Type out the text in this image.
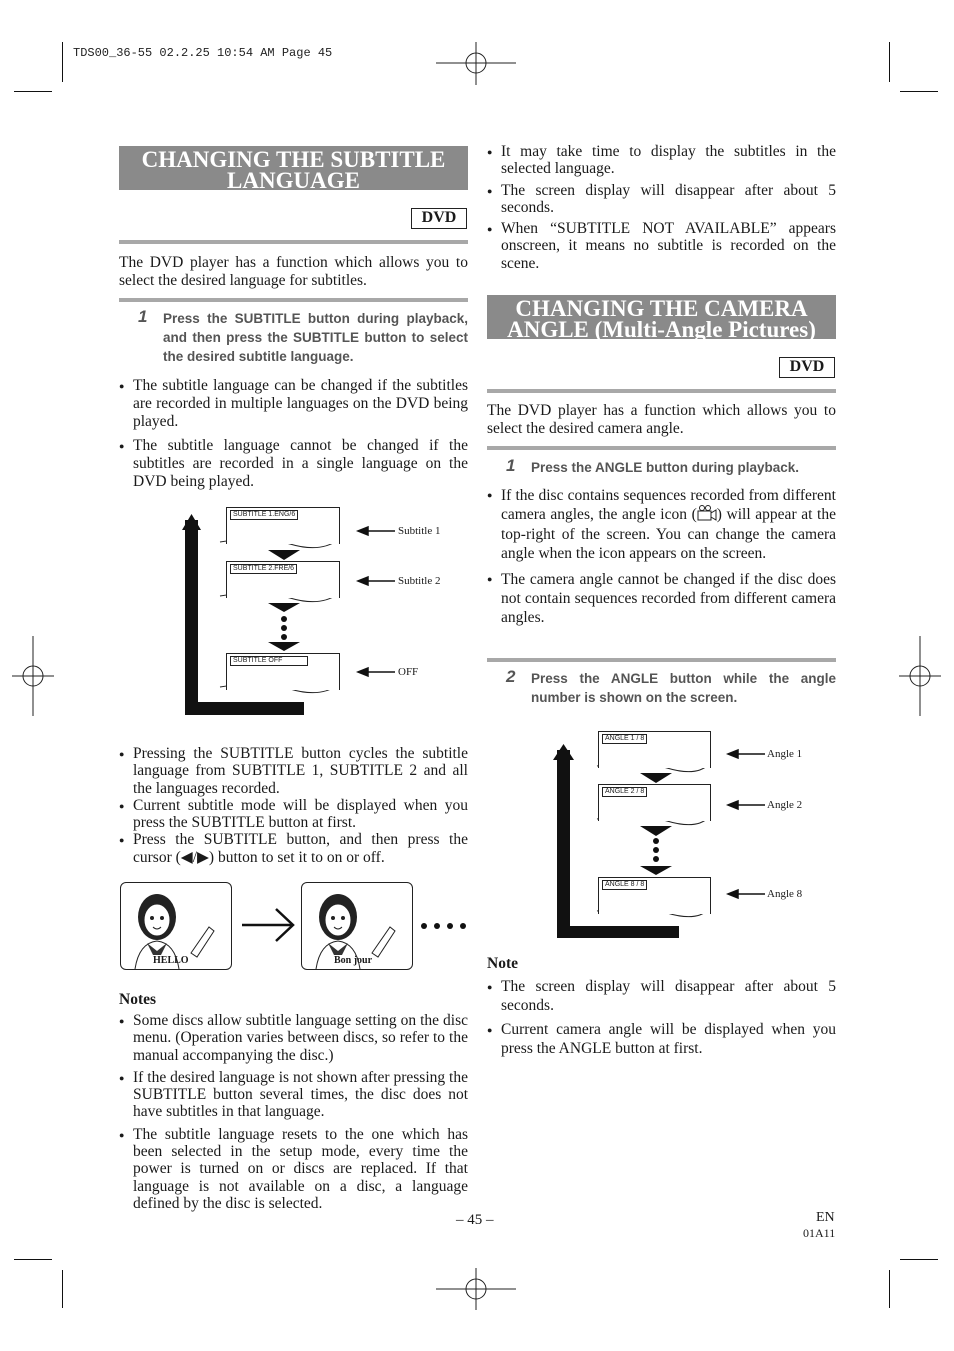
TDS00_36-55 02.2.25 10:54 AM Page 45
CHANGING THE SUBTITLE
LANGUAGE
DVD
The DVD player has a function which allows you to select the desired language for subtitles.
1 Press the SUBTITLE button during playback, and then press the SUBTITLE button to select the desired subtitle language.
● The subtitle language can be changed if the subtitles are recorded in multiple languages on the DVD being played.
● The subtitle language cannot be changed if the subtitles are recorded in a single language on the DVD being played.
SUBTITLE 1.ENG/6
SUBTITLE 2.FRE/6
SUBTITLE OFF
Subtitle 1
Subtitle 2
OFF
● Pressing the SUBTITLE button cycles the subtitle language from SUBTITLE 1, SUBTITLE 2 and all the languages recorded.
● Current subtitle mode will be displayed when you press the SUBTITLE button at first.
● Press the SUBTITLE button, and then press the cursor (◀/▶) button to set it to on or off.
HELLO	Bon jour
Notes
● Some discs allow subtitle language setting on the disc menu. (Operation varies between discs, so refer to the manual accompanying the disc.)
● If the desired language is not shown after pressing the SUBTITLE button several times, the disc does not have subtitles in that language.
● The subtitle language resets to the one which has been selected in the setup mode, every time the power is turned on or discs are replaced. If that language is not available on a disc, a language defined by the disc is selected.
● It may take time to display the subtitles in the selected language.
● The screen display will disappear after about 5 seconds.
● When “SUBTITLE NOT AVAILABLE” appears onscreen, it means no subtitle is recorded on the scene.
CHANGING THE CAMERA
ANGLE (Multi-Angle Pictures)
DVD
The DVD player has a function which allows you to select the desired camera angle.
1 Press the ANGLE button during playback.
● If the disc contains sequences recorded from different camera angles, the angle icon ( ) will appear at the top-right of the screen. You can change the camera angle when the icon appears on the screen.
● The camera angle cannot be changed if the disc does not contain sequences recorded from different camera angles.
2 Press the ANGLE button while the angle number is shown on the screen.
ANGLE 1 / 8
ANGLE 2 / 8
ANGLE 8 / 8
Angle 1
Angle 2
Angle 8
Note
● The screen display will disappear after about 5 seconds.
● Current camera angle will be displayed when you press the ANGLE button at first.
– 45 –	EN
01A11
